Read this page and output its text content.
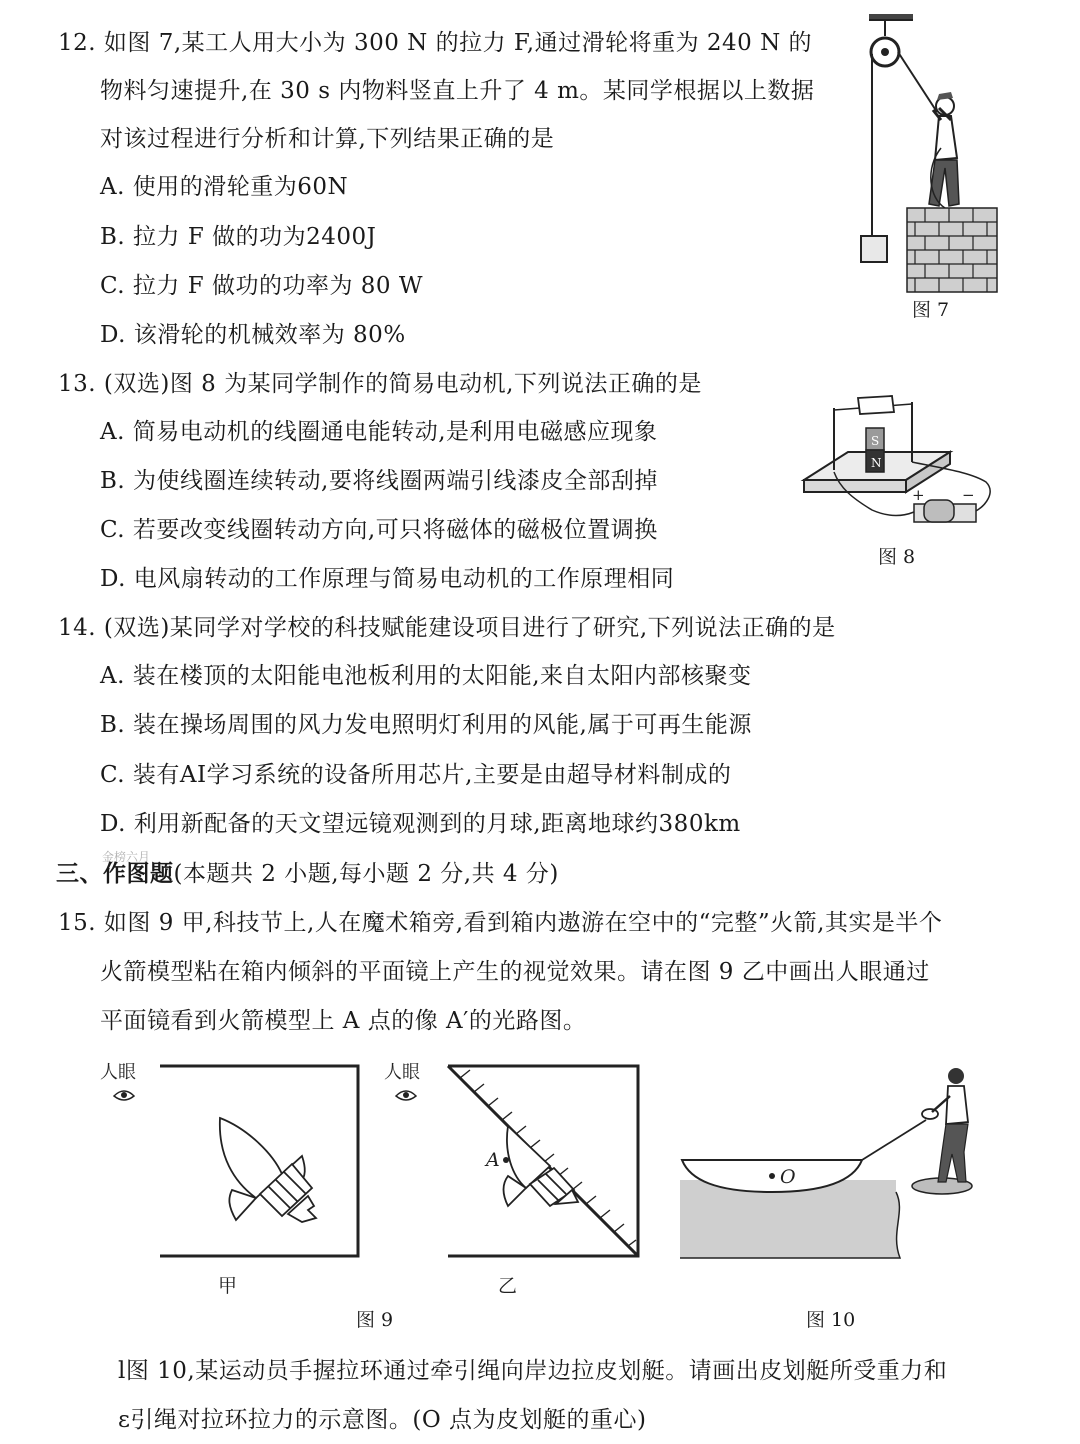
12. 如图 7,某工人用大小为 300 N 的拉力 F,通过滑轮将重为 240 N 的
物料匀速提升,在 30 s 内物料竖直上升了 4 m。某同学根据以上数据
对该过程进行分析和计算,下列结果正确的是
A. 使用的滑轮重为60N
B. 拉力 F 做的功为2400J
C. 拉力 F 做功的功率为 80 W
D. 该滑轮的机械效率为 80%
图 7
13. (双选)图 8 为某同学制作的简易电动机,下列说法正确的是
A. 简易电动机的线圈通电能转动,是利用电磁感应现象
B. 为使线圈连续转动,要将线圈两端引线漆皮全部刮掉
C. 若要改变线圈转动方向,可只将磁体的磁极位置调换
D. 电风扇转动的工作原理与简易电动机的工作原理相同
S
N
+ −
图 8
14. (双选)某同学对学校的科技赋能建设项目进行了研究,下列说法正确的是
A. 装在楼顶的太阳能电池板利用的太阳能,来自太阳内部核聚变
B. 装在操场周围的风力发电照明灯利用的风能,属于可再生能源
C. 装有AI学习系统的设备所用芯片,主要是由超导材料制成的
D. 利用新配备的天文望远镜观测到的月球,距离地球约380km
金榜六月
三、作图题(本题共 2 小题,每小题 2 分,共 4 分)
15. 如图 9 甲,科技节上,人在魔术箱旁,看到箱内遨游在空中的“完整”火箭,其实是半个
火箭模型粘在箱内倾斜的平面镜上产生的视觉效果。请在图 9 乙中画出人眼通过
平面镜看到火箭模型上 A 点的像 A′的光路图。
人眼
甲
人眼
A
乙
图 9
O
图 10
l图 10,某运动员手握拉环通过牵引绳向岸边拉皮划艇。请画出皮划艇所受重力和
ε引绳对拉环拉力的示意图。(O 点为皮划艇的重心)
